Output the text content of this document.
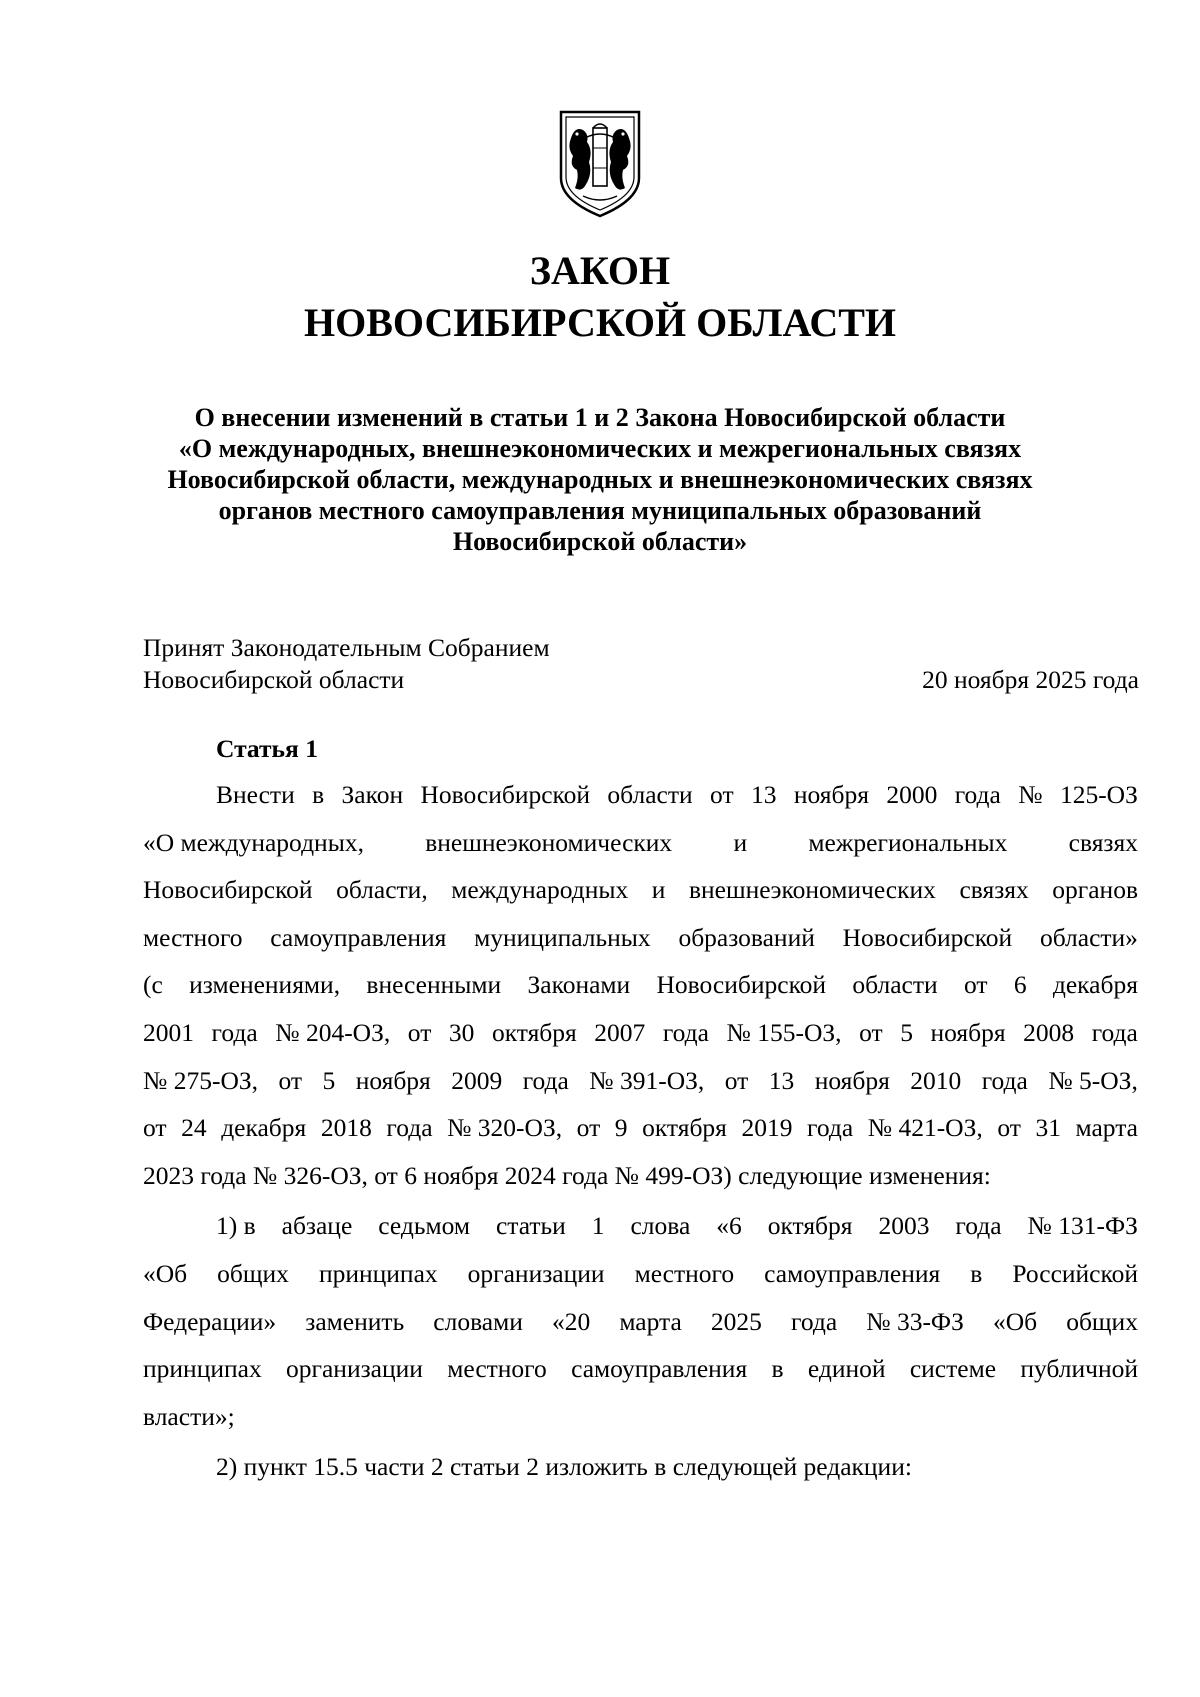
ЗАКОН
НОВОСИБИРСКОЙ ОБЛАСТИ
О внесении изменений в статьи 1 и 2 Закона Новосибирской области
«О международных, внешнеэкономических и межрегиональных связях
Новосибирской области, международных и внешнеэкономических связях
органов местного самоуправления муниципальных образований
Новосибирской области»
Принят Законодательным Собранием
Новосибирской области	20 ноября 2025 года
Статья 1
Внести в Закон Новосибирской области от 13 ноября 2000 года № 125-ОЗ
«О международных, внешнеэкономических и межрегиональных связях
Новосибирской области, международных и внешнеэкономических связях органов
местного самоуправления муниципальных образований Новосибирской области»
(с изменениями, внесенными Законами Новосибирской области от 6 декабря
2001 года № 204-ОЗ, от 30 октября 2007 года № 155-ОЗ, от 5 ноября 2008 года
№ 275-ОЗ, от 5 ноября 2009 года № 391-ОЗ, от 13 ноября 2010 года № 5-ОЗ,
от 24 декабря 2018 года № 320-ОЗ, от 9 октября 2019 года № 421-ОЗ, от 31 марта
2023 года № 326-ОЗ, от 6 ноября 2024 года № 499-ОЗ) следующие изменения:
1) в абзаце седьмом статьи 1 слова «6 октября 2003 года № 131-ФЗ
«Об общих принципах организации местного самоуправления в Российской
Федерации» заменить словами «20 марта 2025 года № 33-ФЗ «Об общих
принципах организации местного самоуправления в единой системе публичной
власти»;
2) пункт 15.5 части 2 статьи 2 изложить в следующей редакции:
